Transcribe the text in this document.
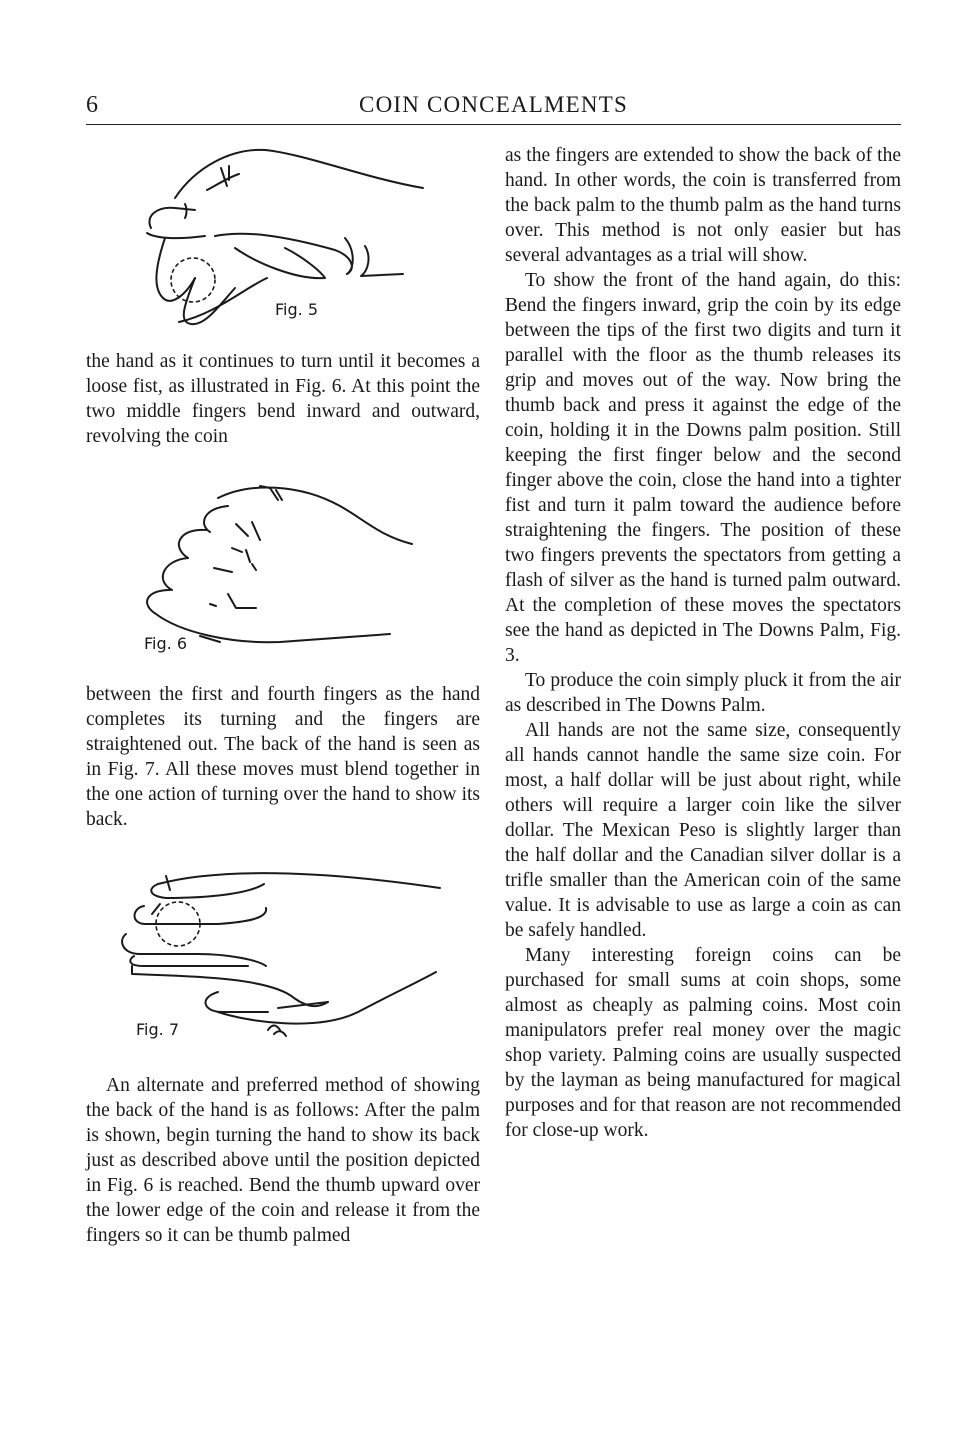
6	COIN CONCEALMENTS
Fig. 5
Fig. 6
Fig. 7

the hand as it continues to turn until it becomes a loose fist, as illustrated in Fig. 6. At this point the two middle fingers bend inward and outward, revolving the coin

between the first and fourth fingers as the hand completes its turning and the fingers are straightened out. The back of the hand is seen as in Fig. 7. All these moves must blend together in the one action of turning over the hand to show its back.

An alternate and preferred method of showing the back of the hand is as follows: After the palm is shown, begin turning the hand to show its back just as described above until the position depicted in Fig. 6 is reached. Bend the thumb upward over the lower edge of the coin and release it from the fingers so it can be thumb palmed

as the fingers are extended to show the back of the hand. In other words, the coin is transferred from the back palm to the thumb palm as the hand turns over. This method is not only easier but has several advantages as a trial will show.

To show the front of the hand again, do this: Bend the fingers inward, grip the coin by its edge between the tips of the first two digits and turn it parallel with the floor as the thumb releases its grip and moves out of the way. Now bring the thumb back and press it against the edge of the coin, holding it in the Downs palm position. Still keeping the first finger below and the second finger above the coin, close the hand into a tighter fist and turn it palm toward the audience before straightening the fingers. The position of these two fingers prevents the spectators from getting a flash of silver as the hand is turned palm outward. At the completion of these moves the spectators see the hand as depicted in The Downs Palm, Fig. 3.

To produce the coin simply pluck it from the air as described in The Downs Palm.

All hands are not the same size, consequently all hands cannot handle the same size coin. For most, a half dollar will be just about right, while others will require a larger coin like the silver dollar. The Mexican Peso is slightly larger than the half dollar and the Canadian silver dollar is a trifle smaller than the American coin of the same value. It is advisable to use as large a coin as can be safely handled.

Many interesting foreign coins can be purchased for small sums at coin shops, some almost as cheaply as palming coins. Most coin manipulators prefer real money over the magic shop variety. Palming coins are usually suspected by the layman as being manufactured for magical purposes and for that reason are not recommended for close-up work.
